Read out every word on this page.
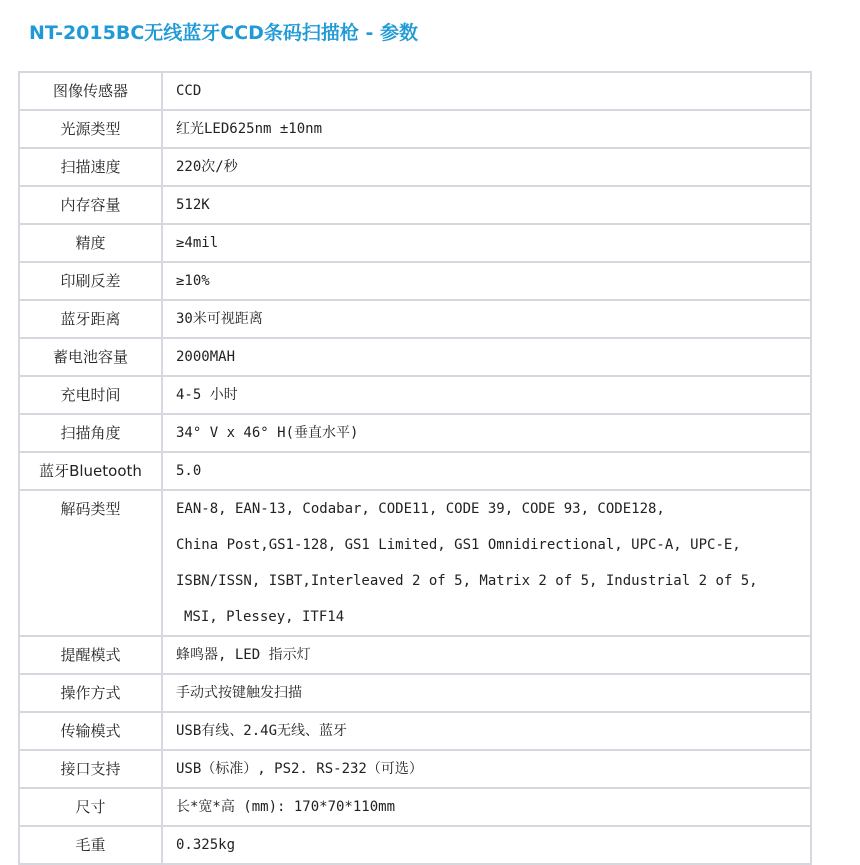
NT-2015BC无线蓝牙CCD条码扫描枪 - 参数
图像传感器	CCD

光源类型	红光LED625nm ±10nm

扫描速度	220次/秒

内存容量	512K

精度	≥4mil

印刷反差	≥10%

蓝牙距离	30米可视距离

蓄电池容量	2000MAH

充电时间	4-5 小时

扫描角度	34° V x 46° H(垂直水平)

蓝牙Bluetooth	5.0

解码类型	EAN-8, EAN-13, Codabar, CODE11, CODE 39, CODE 93, CODE128,
China Post,GS1-128, GS1 Limited, GS1 Omnidirectional, UPC-A, UPC-E,
ISBN/ISSN, ISBT,Interleaved 2 of 5, Matrix 2 of 5, Industrial 2 of 5,
MSI, Plessey, ITF14

提醒模式	蜂鸣器, LED 指示灯

操作方式	手动式按键触发扫描

传输模式	USB有线、2.4G无线、蓝牙

接口支持	USB（标准）, PS2. RS-232（可选）

尺寸	长*宽*高 (mm): 170*70*110mm

毛重	0.325kg
